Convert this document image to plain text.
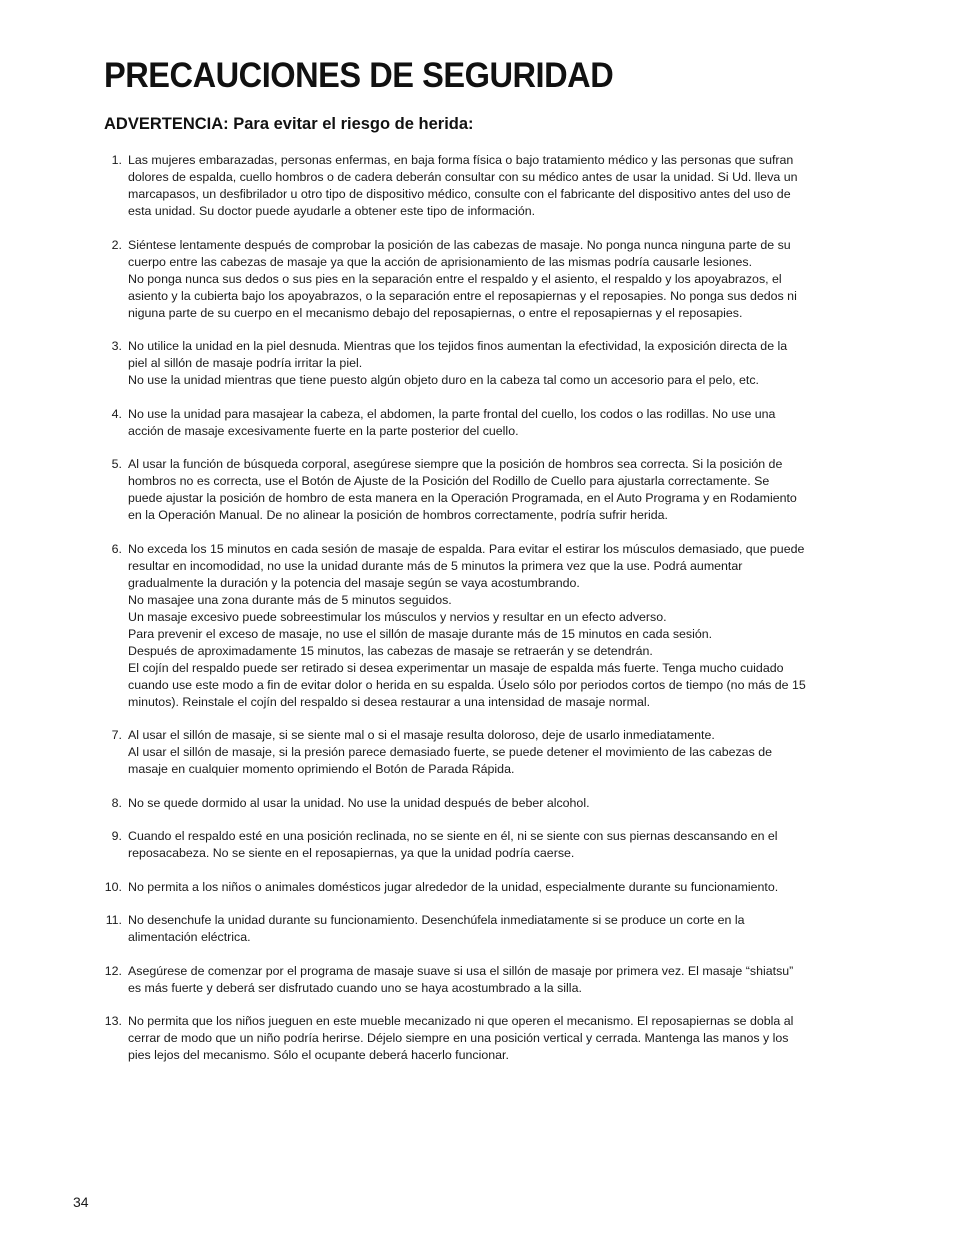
PRECAUCIONES DE SEGURIDAD
ADVERTENCIA: Para evitar el riesgo de herida:
1. Las mujeres embarazadas, personas enfermas, en baja forma física o bajo tratamiento médico y las personas que sufran
dolores de espalda, cuello hombros o de cadera deberán consultar con su médico antes de usar la unidad. Si Ud. lleva un
marcapasos, un desfibrilador u otro tipo de dispositivo médico, consulte con el fabricante del dispositivo antes del uso de
esta unidad. Su doctor puede ayudarle a obtener este tipo de información.
2. Siéntese lentamente después de comprobar la posición de las cabezas de masaje. No ponga nunca ninguna parte de su
cuerpo entre las cabezas de masaje ya que la acción de aprisionamiento de las mismas podría causarle lesiones.
No ponga nunca sus dedos o sus pies en la separación entre el respaldo y el asiento, el respaldo y los apoyabrazos, el
asiento y la cubierta bajo los apoyabrazos, o la separación entre el reposapiernas y el reposapies. No ponga sus dedos ni
niguna parte de su cuerpo en el mecanismo debajo del reposapiernas, o entre el reposapiernas y el reposapies.
3. No utilice la unidad en la piel desnuda. Mientras que los tejidos finos aumentan la efectividad, la exposición directa de la
piel al sillón de masaje podría irritar la piel.
No use la unidad mientras que tiene puesto algún objeto duro en la cabeza tal como un accesorio para el pelo, etc.
4. No use la unidad para masajear la cabeza, el abdomen, la parte frontal del cuello, los codos o las rodillas. No use una
acción de masaje excesivamente fuerte en la parte posterior del cuello.
5. Al usar la función de búsqueda corporal, asegúrese siempre que la posición de hombros sea correcta. Si la posición de
hombros no es correcta, use el Botón de Ajuste de la Posición del Rodillo de Cuello para ajustarla correctamente. Se
puede ajustar la posición de hombro de esta manera en la Operación Programada, en el Auto Programa y en Rodamiento
en la Operación Manual. De no alinear la posición de hombros correctamente, podría sufrir herida.
6. No exceda los 15 minutos en cada sesión de masaje de espalda. Para evitar el estirar los músculos demasiado, que puede
resultar en incomodidad, no use la unidad durante más de 5 minutos la primera vez que la use. Podrá aumentar
gradualmente la duración y la potencia del masaje según se vaya acostumbrando.
No masajee una zona durante más de 5 minutos seguidos.
Un masaje excesivo puede sobreestimular los músculos y nervios y resultar en un efecto adverso.
Para prevenir el exceso de masaje, no use el sillón de masaje durante más de 15 minutos en cada sesión.
Después de aproximadamente 15 minutos, las cabezas de masaje se retraerán y se detendrán.
El cojín del respaldo puede ser retirado si desea experimentar un masaje de espalda más fuerte. Tenga mucho cuidado
cuando use este modo a fin de evitar dolor o herida en su espalda. Úselo sólo por periodos cortos de tiempo (no más de 15
minutos). Reinstale el cojín del respaldo si desea restaurar a una intensidad de masaje normal.
7. Al usar el sillón de masaje, si se siente mal o si el masaje resulta doloroso, deje de usarlo inmediatamente.
Al usar el sillón de masaje, si la presión parece demasiado fuerte, se puede detener el movimiento de las cabezas de
masaje en cualquier momento oprimiendo el Botón de Parada Rápida.
8. No se quede dormido al usar la unidad. No use la unidad después de beber alcohol.
9. Cuando el respaldo esté en una posición reclinada, no se siente en él, ni se siente con sus piernas descansando en el
reposacabeza. No se siente en el reposapiernas, ya que la unidad podría caerse.
10. No permita a los niños o animales domésticos jugar alrededor de la unidad, especialmente durante su funcionamiento.
11. No desenchufe la unidad durante su funcionamiento. Desenchúfela inmediatamente si se produce un corte en la
alimentación eléctrica.
12. Asegúrese de comenzar por el programa de masaje suave si usa el sillón de masaje por primera vez. El masaje “shiatsu”
es más fuerte y deberá ser disfrutado cuando uno se haya acostumbrado a la silla.
13. No permita que los niños jueguen en este mueble mecanizado ni que operen el mecanismo. El reposapiernas se dobla al
cerrar de modo que un niño podría herirse. Déjelo siempre en una posición vertical y cerrada. Mantenga las manos y los
pies lejos del mecanismo. Sólo el ocupante deberá hacerlo funcionar.
34
